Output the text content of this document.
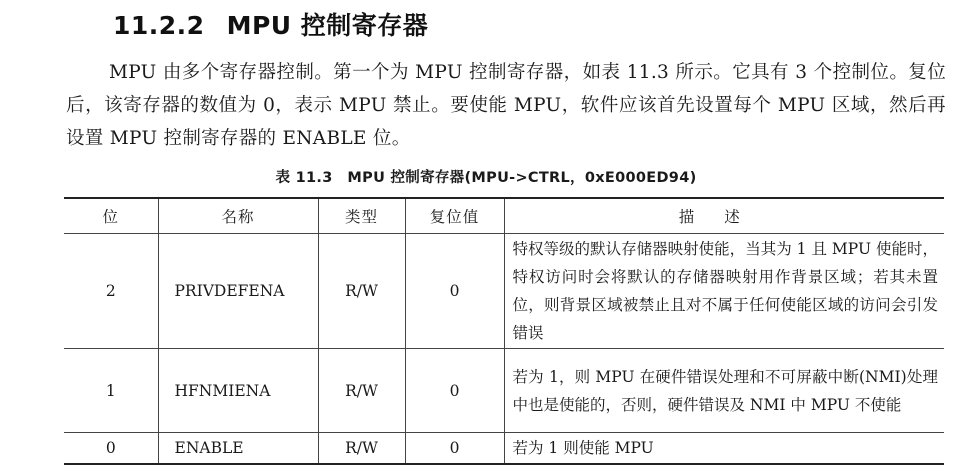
11.2.2 MPU 控制寄存器
MPU 由多个寄存器控制。第一个为 MPU 控制寄存器，如表 11.3 所示。它具有 3 个控制位。复位后，该寄存器的数值为 0，表示 MPU 禁止。要使能 MPU，软件应该首先设置每个 MPU 区域，然后再设置 MPU 控制寄存器的 ENABLE 位。
表 11.3　MPU 控制寄存器(MPU->CTRL，0xE000ED94)
位	名称	类型	复位值	描述
2	PRIVDEFENA	R/W	0	特权等级的默认存储器映射使能，当其为 1 且 MPU 使能时，特权访问时会将默认的存储器映射用作背景区域；若其未置位，则背景区域被禁止且对不属于任何使能区域的访问会引发错误
1	HFNMIENA	R/W	0	若为 1，则 MPU 在硬件错误处理和不可屏蔽中断(NMI)处理中也是使能的，否则，硬件错误及 NMI 中 MPU 不使能
0	ENABLE	R/W	0	若为 1 则使能 MPU
